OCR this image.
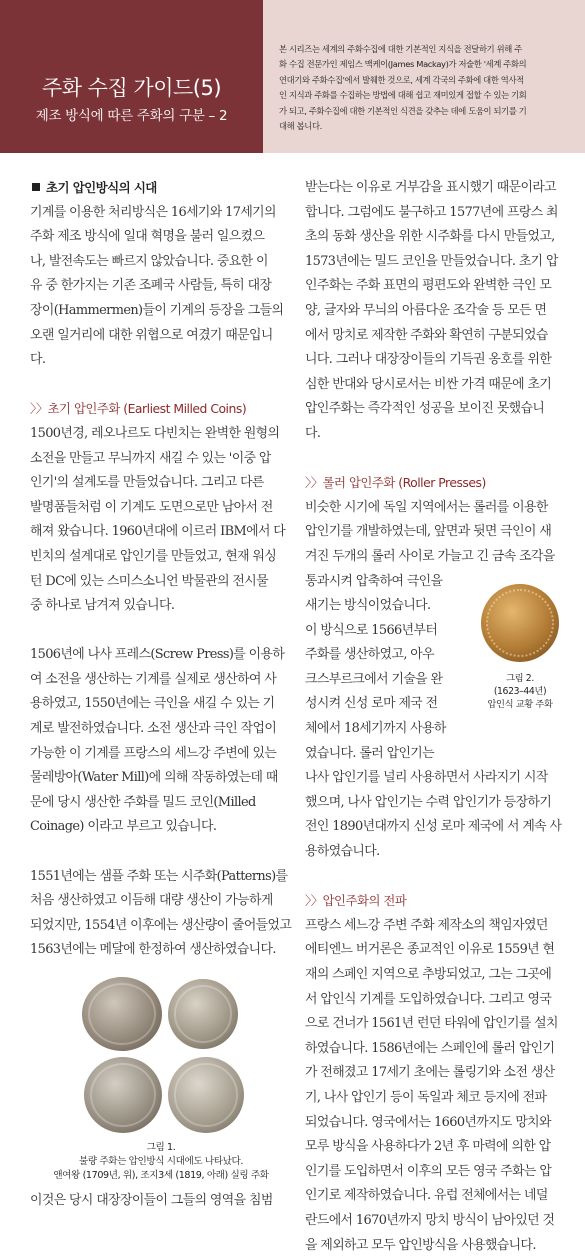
주화 수집 가이드(5)
제조 방식에 따른 주화의 구분 – 2
본 시리즈는 세계의 주화수집에 대한 기본적인 지식을 전달하기 위해 주
화 수집 전문가인 제임스 맥케이(James Mackay)가 저술한 '세계 주화의
연대기와 주화수집'에서 발췌한 것으로, 세계 각국의 주화에 대한 역사적
인 지식과 주화를 수집하는 방법에 대해 쉽고 재미있게 접할 수 있는 기회
가 되고, 주화수집에 대한 기본적인 식견을 갖추는 데에 도움이 되기를 기
대해 봅니다.
초기 압인방식의 시대

기계를 이용한 처리방식은 16세기와 17세기의
주화 제조 방식에 일대 혁명을 불러 일으켰으
나, 발전속도는 빠르지 않았습니다. 중요한 이
유 중 한가지는 기존 조폐국 사람들, 특히 대장
장이(Hammermen)들이 기계의 등장을 그들의
오랜 일거리에 대한 위협으로 여겼기 때문입니
다.

〉〉초기 압인주화 (Earliest Milled Coins)

1500년경, 레오나르도 다빈치는 완벽한 원형의
소전을 만들고 무늬까지 새길 수 있는 '이중 압
인기'의 설계도를 만들었습니다. 그리고 다른
발명품들처럼 이 기계도 도면으로만 남아서 전
해져 왔습니다. 1960년대에 이르러 IBM에서 다
빈치의 설계대로 압인기를 만들었고, 현재 워싱
턴 DC에 있는 스미스소니언 박물관의 전시물
중 하나로 남겨져 있습니다.

1506년에 나사 프레스(Screw Press)를 이용하
여 소전을 생산하는 기계를 실제로 생산하여 사
용하였고, 1550년에는 극인을 새길 수 있는 기
계로 발전하였습니다. 소전 생산과 극인 작업이
가능한 이 기계를 프랑스의 세느강 주변에 있는
물레방아(Water Mill)에 의해 작동하였는데 때
문에 당시 생산한 주화를 밀드 코인(Milled
Coinage) 이라고 부르고 있습니다.

1551년에는 샘플 주화 또는 시주화(Patterns)를
처음 생산하였고 이듬해 대량 생산이 가능하게
되었지만, 1554년 이후에는 생산량이 줄어들었고
1563년에는 메달에 한정하여 생산하였습니다.

그림 1.
불량 주화는 압인방식 시대에도 나타났다.
앤여왕 (1709년, 위), 조지3세 (1819, 아래) 실링 주화

이것은 당시 대장장이들이 그들의 영역을 침범

받는다는 이유로 거부감을 표시했기 때문이라고
합니다. 그럼에도 불구하고 1577년에 프랑스 최
초의 동화 생산을 위한 시주화를 다시 만들었고,
1573년에는 밀드 코인을 만들었습니다. 초기 압
인주화는 주화 표면의 평편도와 완벽한 극인 모
양, 글자와 무늬의 아름다운 조각술 등 모든 면
에서 망치로 제작한 주화와 확연히 구분되었습
니다. 그러나 대장장이들의 기득권 옹호를 위한
심한 반대와 당시로서는 비싼 가격 때문에 초기
압인주화는 즉각적인 성공을 보이진 못했습니
다.

〉〉롤러 압인주화 (Roller Presses)

비슷한 시기에 독일 지역에서는 롤러를 이용한
압인기를 개발하였는데, 앞면과 뒷면 극인이 새
겨진 두개의 롤러 사이로 가늘고 긴 금속 조각을

그림 2.
(1623–44년)
압인식 교황 주화

통과시켜 압축하여 극인을
새기는 방식이었습니다.
이 방식으로 1566년부터
주화를 생산하였고, 아우
크스부르크에서 기술을 완
성시켜 신성 로마 제국 전
체에서 18세기까지 사용하
였습니다. 롤러 압인기는

나사 압인기를 널리 사용하면서 사라지기 시작
했으며, 나사 압인기는 수력 압인기가 등장하기
전인 1890년대까지 신성 로마 제국에 서 계속 사
용하였습니다.

〉〉압인주화의 전파

프랑스 세느강 주변 주화 제작소의 책임자였던
에티엔느 버거론은 종교적인 이유로 1559년 현
재의 스페인 지역으로 추방되었고, 그는 그곳에
서 압인식 기계를 도입하였습니다. 그리고 영국
으로 건너가 1561년 런던 타워에 압인기를 설치
하였습니다. 1586년에는 스페인에 롤러 압인기
가 전해졌고 17세기 초에는 롤링기와 소전 생산
기, 나사 압인기 등이 독일과 체코 등지에 전파
되었습니다. 영국에서는 1660년까지도 망치와
모루 방식을 사용하다가 2년 후 마력에 의한 압
인기를 도입하면서 이후의 모든 영국 주화는 압
인기로 제작하였습니다. 유럽 전체에서는 네덜
란드에서 1670년까지 망치 방식이 남아있던 것
을 제외하고 모두 압인방식을 사용했습니다.
